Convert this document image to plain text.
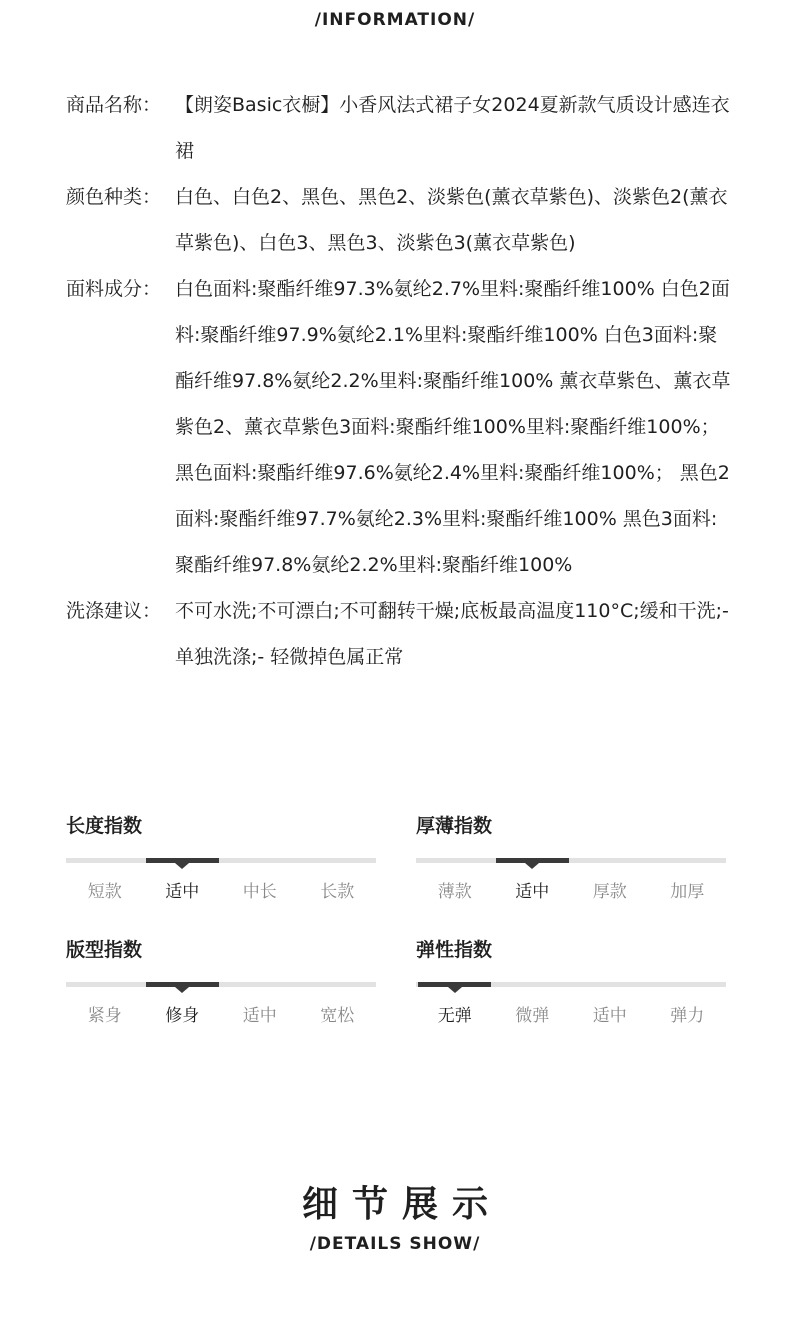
/INFORMATION/
商品名称： 【朗姿Basic衣橱】小香风法式裙子女2024夏新款气质设计感连衣裙
颜色种类： 白色、白色2、黑色、黑色2、淡紫色(薰衣草紫色)、淡紫色2(薰衣草紫色)、白色3、黑色3、淡紫色3(薰衣草紫色)
面料成分： 白色面料:聚酯纤维97.3%氨纶2.7%里料:聚酯纤维100% 白色2面料:聚酯纤维97.9%氨纶2.1%里料:聚酯纤维100% 白色3面料:聚酯纤维97.8%氨纶2.2%里料:聚酯纤维100% 薰衣草紫色、薰衣草紫色2、薰衣草紫色3面料:聚酯纤维100%里料:聚酯纤维100%； 黑色面料:聚酯纤维97.6%氨纶2.4%里料:聚酯纤维100%； 黑色2面料:聚酯纤维97.7%氨纶2.3%里料:聚酯纤维100% 黑色3面料:聚酯纤维97.8%氨纶2.2%里料:聚酯纤维100%
洗涤建议： 不可水洗;不可漂白;不可翻转干燥;底板最高温度110°C;缓和干洗;- 单独洗涤;- 轻微掉色属正常
长度指数
短款	适中	中长	长款
厚薄指数
薄款	适中	厚款	加厚
版型指数
紧身	修身	适中	宽松
弹性指数
无弹	微弹	适中	弹力
细节展示
/DETAILS SHOW/
